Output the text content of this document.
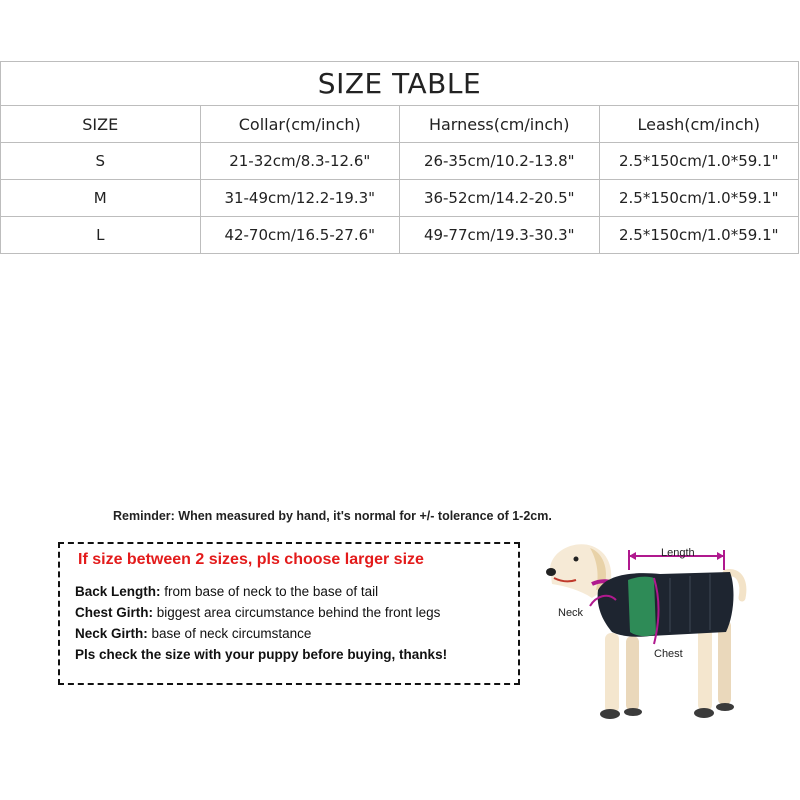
SIZE TABLE			
SIZE	Collar(cm/inch)	Harness(cm/inch)	Leash(cm/inch)
S	21-32cm/8.3-12.6"	26-35cm/10.2-13.8"	2.5*150cm/1.0*59.1"
M	31-49cm/12.2-19.3"	36-52cm/14.2-20.5"	2.5*150cm/1.0*59.1"
L	42-70cm/16.5-27.6"	49-77cm/19.3-30.3"	2.5*150cm/1.0*59.1"
Reminder: When measured by hand, it's normal for +/- tolerance of 1-2cm.
If size between 2 sizes, pls choose larger size
Back Length: from base of neck to the base of tail
Chest Girth: biggest area circumstance behind the front legs
Neck Girth: base of neck circumstance
Pls check the size with your puppy before buying, thanks!
Length
Neck
Chest
